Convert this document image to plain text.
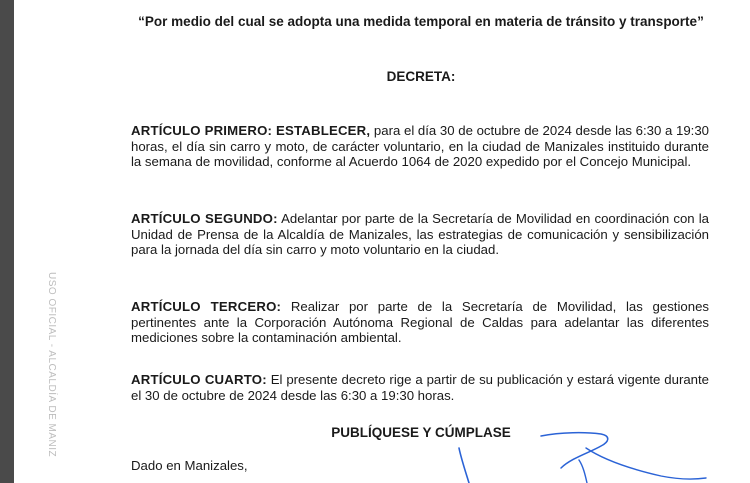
USO OFICIAL - ALCALDÍA DE MANIZ
“Por medio del cual se adopta una medida temporal en materia de tránsito y transporte”
DECRETA:
ARTÍCULO PRIMERO: ESTABLECER, para el día 30 de octubre de 2024 desde las 6:30 a 19:30 horas, el día sin carro y moto, de carácter voluntario, en la ciudad de Manizales instituido durante la semana de movilidad, conforme al Acuerdo 1064 de 2020 expedido por el Concejo Municipal.
ARTÍCULO SEGUNDO: Adelantar por parte de la Secretaría de Movilidad en coordinación con la Unidad de Prensa de la Alcaldía de Manizales, las estrategias de comunicación y sensibilización para la jornada del día sin carro y moto voluntario en la ciudad.
ARTÍCULO TERCERO: Realizar por parte de la Secretaría de Movilidad, las gestiones pertinentes ante la Corporación Autónoma Regional de Caldas para adelantar las diferentes mediciones sobre la contaminación ambiental.
ARTÍCULO CUARTO: El presente decreto rige a partir de su publicación y estará vigente durante el 30 de octubre de 2024 desde las 6:30 a 19:30 horas.
PUBLÍQUESE Y CÚMPLASE
Dado en Manizales,
